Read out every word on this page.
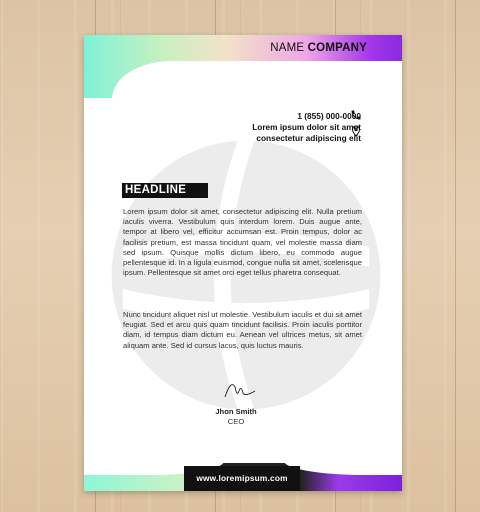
NAME COMPANY
1 (855) 000-0000
Lorem ipsum dolor sit amet
consectetur adipiscing elit
HEADLINE
Lorem ipsum dolor sit amet, consectetur adipiscing elit. Nulla pretium iaculis viverra. Vestibulum quis interdum lorem. Duis augue ante, tempor at libero vel, efficitur accumsan est. Proin tempus, dolor ac facilisis pretium, est massa tincidunt quam, vel molestie massa diam sed ipsum. Quisque mollis dictum libero, eu commodo augue pellentesque id. In a ligula euismod, congue nulla sit amet, scelerisque ipsum. Pellentesque sit amet orci eget tellus pharetra consequat.
Nunc tincidunt aliquet nisl ut molestie. Vestibulum iaculis et dui sit amet feugiat. Sed et arcu quis quam tincidunt facilisis. Proin iaculis porttitor diam, id tempus diam dictum eu. Aenean vel ultrices metus, sit amet aliquam ante. Sed id cursus lacus, quis luctus mauris.
Jhon Smith
CEO
www.loremipsum.com
